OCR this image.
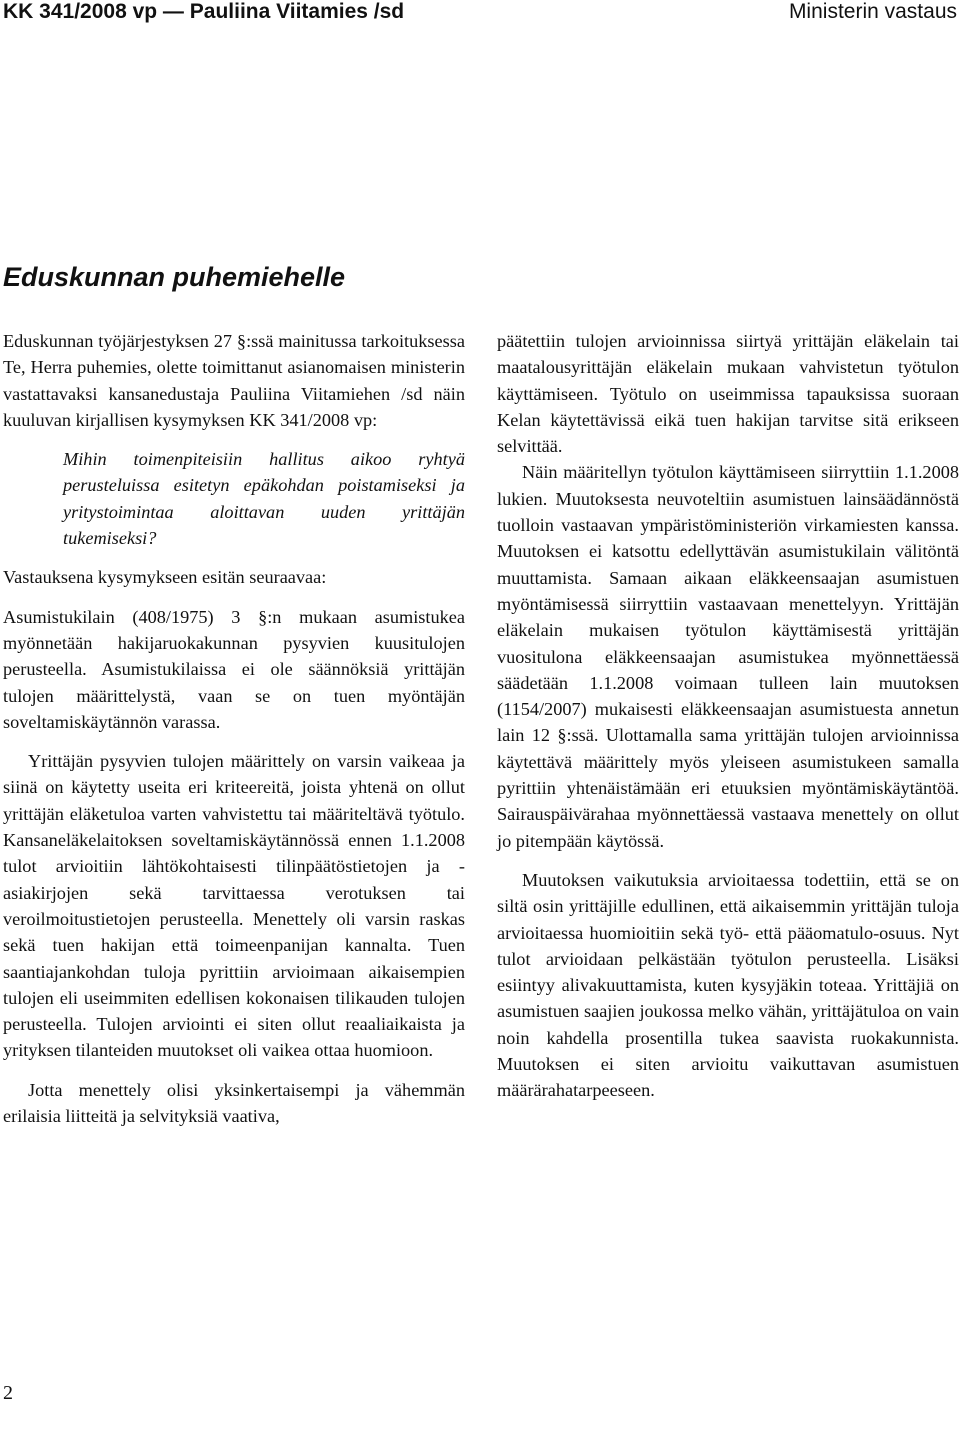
KK 341/2008 vp — Pauliina Viitamies /sd	Ministerin vastaus
Eduskunnan puhemiehelle

Eduskunnan työjärjestyksen 27 §:ssä mainitussa tarkoituksessa Te, Herra puhemies, olette toimittanut asianomaisen ministerin vastattavaksi kansanedustaja Pauliina Viitamiehen /sd näin kuuluvan kirjallisen kysymyksen KK 341/2008 vp:

Mihin toimenpiteisiin hallitus aikoo ryhtyä perusteluissa esitetyn epäkohdan poistamiseksi ja yritystoimintaa aloittavan uuden yrittäjän tukemiseksi?

Vastauksena kysymykseen esitän seuraavaa:

Asumistukilain (408/1975) 3 §:n mukaan asumistukea myönnetään hakijaruokakunnan pysyvien kuusitulojen perusteella. Asumistukilaissa ei ole säännöksiä yrittäjän tulojen määrittelystä, vaan se on tuen myöntäjän soveltamiskäytännön varassa.

Yrittäjän pysyvien tulojen määrittely on varsin vaikeaa ja siinä on käytetty useita eri kriteereitä, joista yhtenä on ollut yrittäjän eläketuloa varten vahvistettu tai määriteltävä työtulo. Kansaneläkelaitoksen soveltamiskäytännössä ennen 1.1.2008 tulot arvioitiin lähtökohtaisesti tilinpäätöstietojen ja -asiakirjojen sekä tarvittaessa verotuksen tai veroilmoitustietojen perusteella. Menettely oli varsin raskas sekä tuen hakijan että toimeenpanijan kannalta. Tuen saantiajankohdan tuloja pyrittiin arvioimaan aikaisempien tulojen eli useimmiten edellisen kokonaisen tilikauden tulojen perusteella. Tulojen arviointi ei siten ollut reaaliaikaista ja yrityksen tilanteiden muutokset oli vaikea ottaa huomioon.

Jotta menettely olisi yksinkertaisempi ja vähemmän erilaisia liitteitä ja selvityksiä vaativa,

päätettiin tulojen arvioinnissa siirtyä yrittäjän eläkelain tai maatalousyrittäjän eläkelain mukaan vahvistetun työtulon käyttämiseen. Työtulo on useimmissa tapauksissa suoraan Kelan käytettävissä eikä tuen hakijan tarvitse sitä erikseen selvittää.

Näin määritellyn työtulon käyttämiseen siirryttiin 1.1.2008 lukien. Muutoksesta neuvoteltiin asumistuen lainsäädännöstä tuolloin vastaavan ympäristöministeriön virkamiesten kanssa. Muutoksen ei katsottu edellyttävän asumistukilain välitöntä muuttamista. Samaan aikaan eläkkeensaajan asumistuen myöntämisessä siirryttiin vastaavaan menettelyyn. Yrittäjän eläkelain mukaisen työtulon käyttämisestä yrittäjän vuositulona eläkkeensaajan asumistukea myönnettäessä säädetään 1.1.2008 voimaan tulleen lain muutoksen (1154/2007) mukaisesti eläkkeensaajan asumistuesta annetun lain 12 §:ssä. Ulottamalla sama yrittäjän tulojen arvioinnissa käytettävä määrittely myös yleiseen asumistukeen samalla pyrittiin yhtenäistämään eri etuuksien myöntämiskäytäntöä. Sairauspäivärahaa myönnettäessä vastaava menettely on ollut jo pitempään käytössä.

Muutoksen vaikutuksia arvioitaessa todettiin, että se on siltä osin yrittäjille edullinen, että aikaisemmin yrittäjän tuloja arvioitaessa huomioitiin sekä työ- että pääomatulo-osuus. Nyt tulot arvioidaan pelkästään työtulon perusteella. Lisäksi esiintyy alivakuuttamista, kuten kysyjäkin toteaa. Yrittäjiä on asumistuen saajien joukossa melko vähän, yrittäjätuloa on vain noin kahdella prosentilla tukea saavista ruokakunnista. Muutoksen ei siten arvioitu vaikuttavan asumistuen määrärahatarpeeseen.

2
